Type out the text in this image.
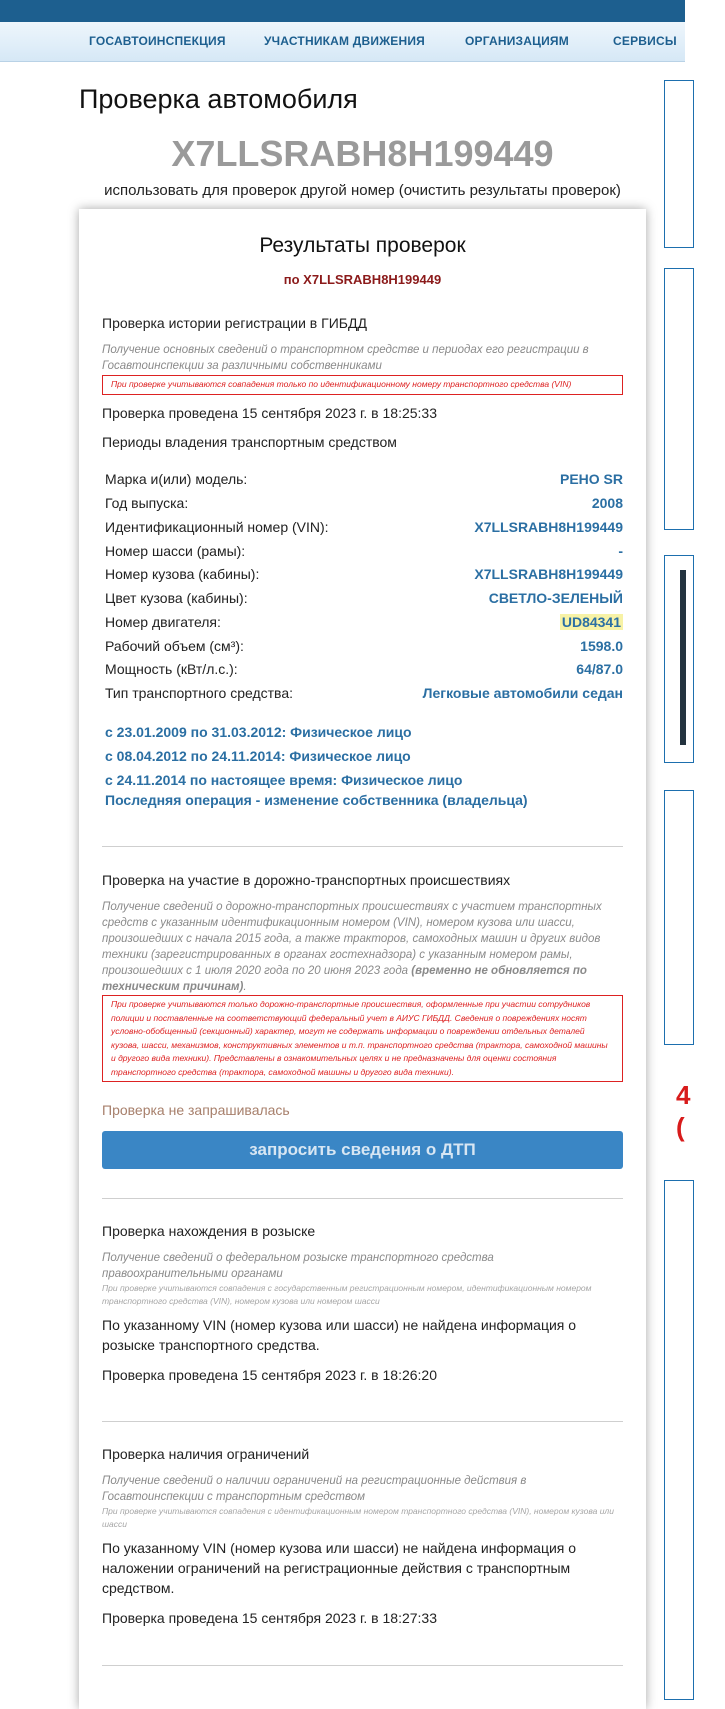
ГОСАВТОИНСПЕКЦИЯ	УЧАСТНИКАМ ДВИЖЕНИЯ	ОРГАНИЗАЦИЯМ	СЕРВИСЫ
4
(
Проверка автомобиля
X7LLSRABH8H199449
использовать для проверок другой номер (очистить результаты проверок)
Результаты проверок
по X7LLSRABH8H199449
Проверка истории регистрации в ГИБДД
Получение основных сведений о транспортном средстве и периодах его регистрации в Госавтоинспекции за различными собственниками
При проверке учитываются совпадения только по идентификационному номеру транспортного средства (VIN)
Проверка проведена 15 сентября 2023 г. в 18:25:33
Периоды владения транспортным средством
Марка и(или) модель:	РЕНО SR
Год выпуска:	2008
Идентификационный номер (VIN):	X7LLSRABH8H199449
Номер шасси (рамы):	-
Номер кузова (кабины):	X7LLSRABH8H199449
Цвет кузова (кабины):	СВЕТЛО-ЗЕЛЕНЫЙ
Номер двигателя:	UD84341
Рабочий объем (см³):	1598.0
Мощность (кВт/л.с.):	64/87.0
Тип транспортного средства:	Легковые автомобили седан
с 23.01.2009 по 31.03.2012: Физическое лицо
с 08.04.2012 по 24.11.2014: Физическое лицо
с 24.11.2014 по настоящее время: Физическое лицо
Последняя операция - изменение собственника (владельца)
Проверка на участие в дорожно-транспортных происшествиях
Получение сведений о дорожно-транспортных происшествиях с участием транспортных средств с указанным идентификационным номером (VIN), номером кузова или шасси, произошедших с начала 2015 года, а также тракторов, самоходных машин и других видов техники (зарегистрированных в органах гостехнадзора) с указанным номером рамы, произошедших с 1 июля 2020 года по 20 июня 2023 года (временно не обновляется по техническим причинам).
При проверке учитываются только дорожно-транспортные происшествия, оформленные при участии сотрудников полиции и поставленные на соответствующий федеральный учет в АИУС ГИБДД. Сведения о повреждениях носят условно-обобщенный (секционный) характер, могут не содержать информации о повреждении отдельных деталей кузова, шасси, механизмов, конструктивных элементов и т.п. транспортного средства (трактора, самоходной машины и другого вида техники). Представлены в ознакомительных целях и не предназначены для оценки состояния транспортного средства (трактора, самоходной машины и другого вида техники).
Проверка не запрашивалась
запросить сведения о ДТП
Проверка нахождения в розыске
Получение сведений о федеральном розыске транспортного средства правоохранительными органами
При проверке учитываются совпадения с государственным регистрационным номером, идентификационным номером транспортного средства (VIN), номером кузова или номером шасси
По указанному VIN (номер кузова или шасси) не найдена информация о розыске транспортного средства.
Проверка проведена 15 сентября 2023 г. в 18:26:20
Проверка наличия ограничений
Получение сведений о наличии ограничений на регистрационные действия в Госавтоинспекции с транспортным средством
При проверке учитываются совпадения с идентификационным номером транспортного средства (VIN), номером кузова или шасси
По указанному VIN (номер кузова или шасси) не найдена информация о наложении ограничений на регистрационные действия с транспортным средством.
Проверка проведена 15 сентября 2023 г. в 18:27:33
